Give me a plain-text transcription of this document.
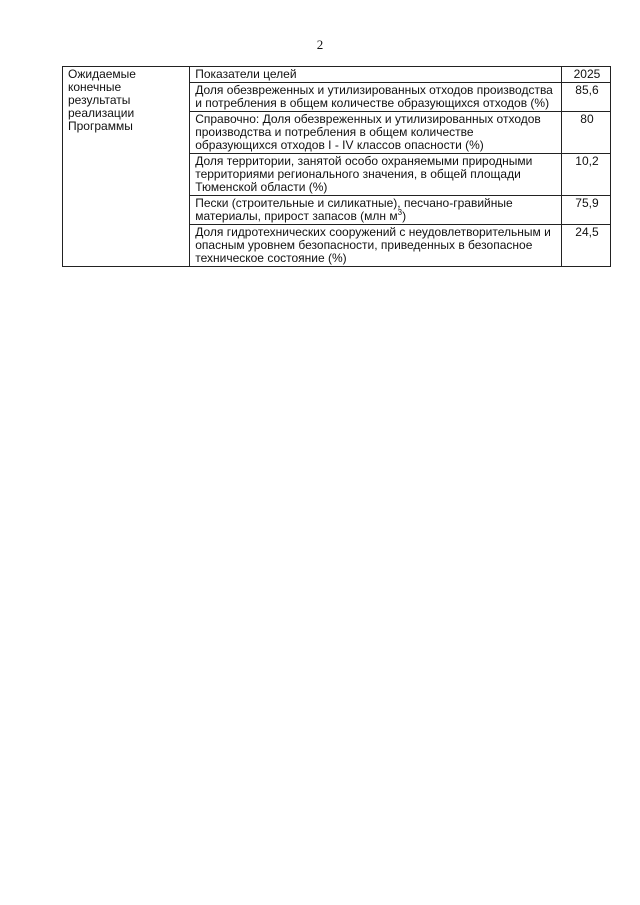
2
Ожидаемые конечные результаты реализации Программы	Показатели целей	2025
	Доля обезвреженных и утилизированных отходов производства и потребления в общем количестве образующихся отходов (%)	85,6
	Справочно: Доля обезвреженных и утилизированных отходов производства и потребления в общем количестве образующихся отходов I - IV классов опасности (%)	80
	Доля территории, занятой особо охраняемыми природными территориями регионального значения, в общей площади Тюменской области (%)	10,2
	Пески (строительные и силикатные), песчано-гравийные материалы, прирост запасов (млн $м^3$)	75,9
	Доля гидротехнических сооружений с неудовлетворительным и опасным уровнем безопасности, приведенных в безопасное техническое состояние (%)	24,5
